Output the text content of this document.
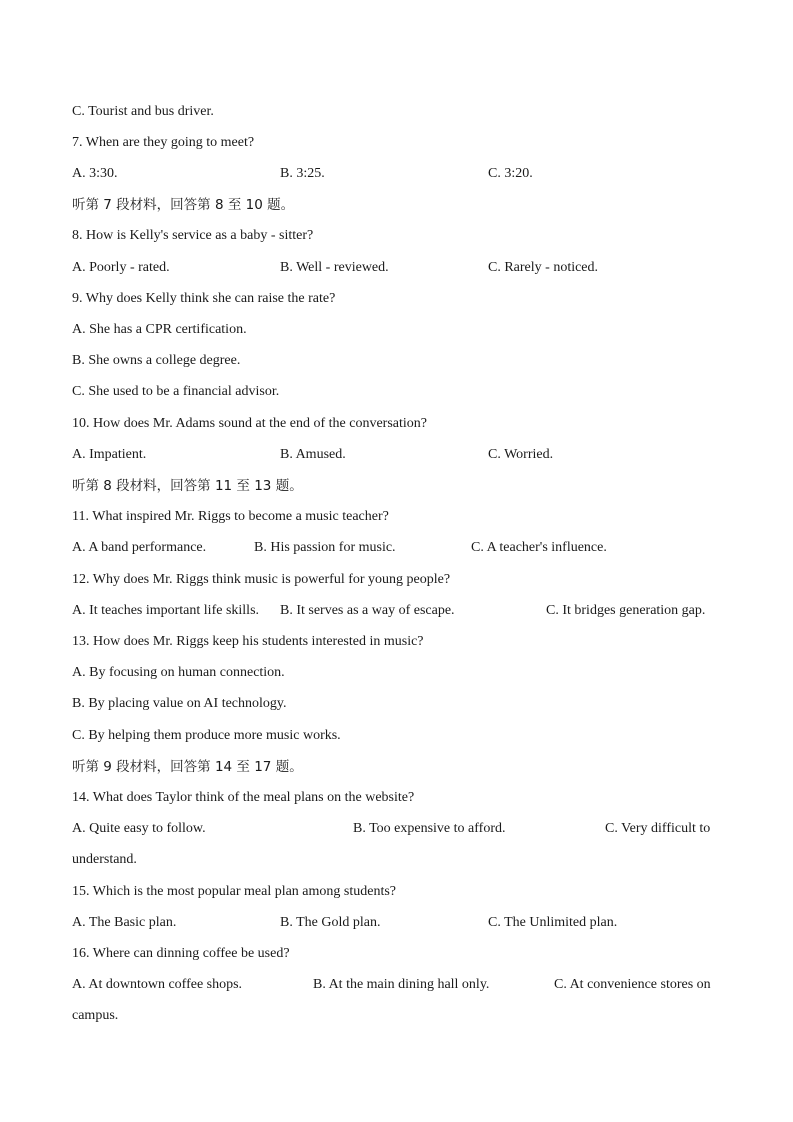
C. Tourist and bus driver.
7. When are they going to meet?
A. 3:30.	B. 3:25.	C. 3:20.
听第 7 段材料，回答第 8 至 10 题。
8. How is Kelly's service as a baby - sitter?
A. Poorly - rated.	B. Well - reviewed.	C. Rarely - noticed.
9. Why does Kelly think she can raise the rate?
A. She has a CPR certification.
B. She owns a college degree.
C. She used to be a financial advisor.
10. How does Mr. Adams sound at the end of the conversation?
A. Impatient.	B. Amused.	C. Worried.
听第 8 段材料，回答第 11 至 13 题。
11. What inspired Mr. Riggs to become a music teacher?
A. A band performance.	B. His passion for music.	C. A teacher's influence.
12. Why does Mr. Riggs think music is powerful for young people?
A. It teaches important life skills. B. It serves as a way of escape.	C. It bridges generation gap.
13. How does Mr. Riggs keep his students interested in music?
A. By focusing on human connection.
B. By placing value on AI technology.
C. By helping them produce more music works.
听第 9 段材料，回答第 14 至 17 题。
14. What does Taylor think of the meal plans on the website?
A. Quite easy to follow.	B. Too expensive to afford.	C. Very difficult to
understand.
15. Which is the most popular meal plan among students?
A. The Basic plan.	B. The Gold plan.	C. The Unlimited plan.
16. Where can dinning coffee be used?
A. At downtown coffee shops.	B. At the main dining hall only.	C. At convenience stores on
campus.
